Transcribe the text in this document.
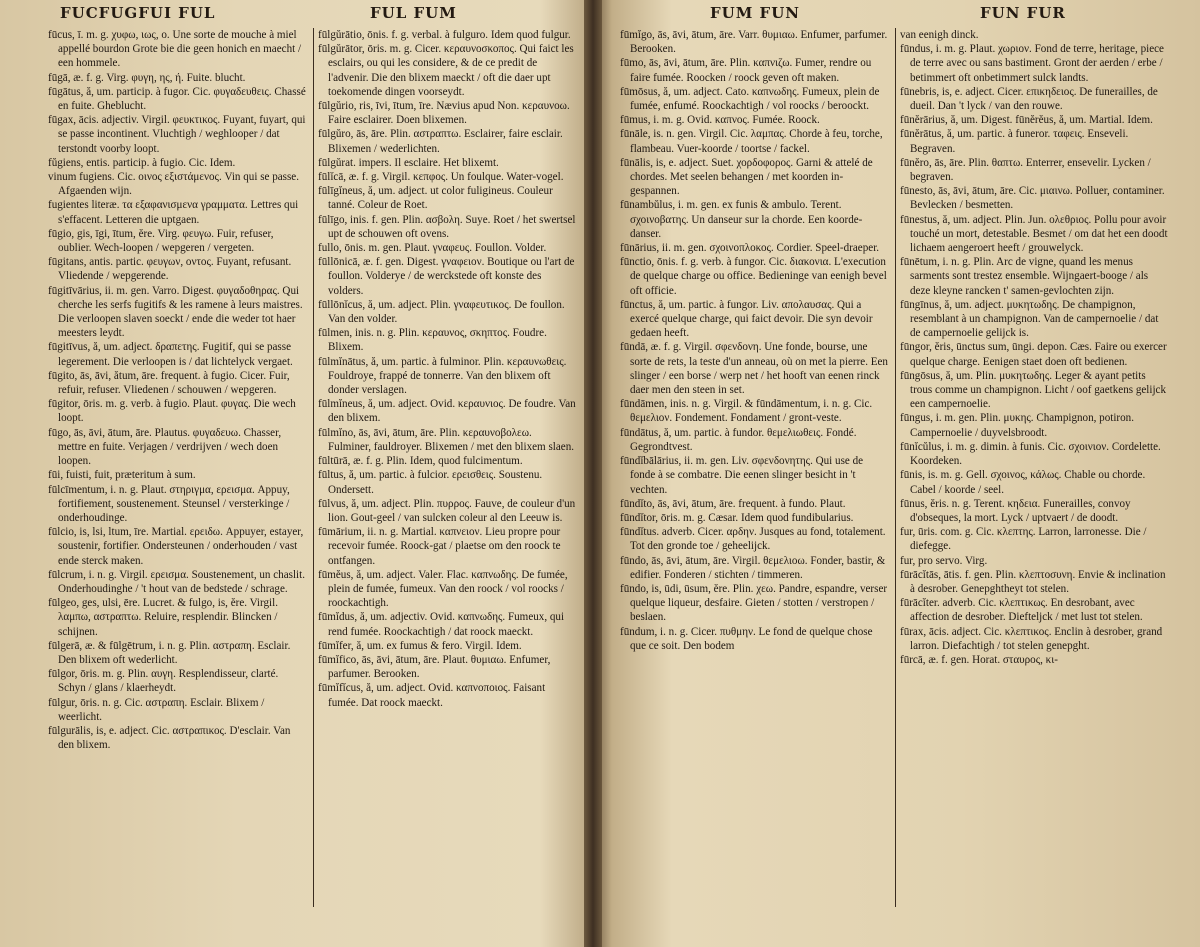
FUCFUGFUI FUL	FUL FUM

fūcus, ī. m. g. χυφω, ιως, ο. Une sorte de mouche à miel appellé bourdon Grote bie die geen honich en maecht / een hommele.

fūgā, æ. f. g. Virg. φυγη, ης, ή. Fuite. blucht.

fūgātus, ă, um. particip. à fugor. Cic. φυγαδευθεις. Chassé en fuite. Gheblucht.

fūgax, ācis. adjectiv. Virgil. φευκτικος. Fuyant, fuyart, qui se passe incontinent. Vluchtigh / weghlooper / dat terstondt voorby loopt.

fŭgiens, entis. particip. à fugio. Cic. Idem.

vinum fugiens. Cic. οινος εξιστάμενος. Vin qui se passe. Afgaenden wijn.

fugientes literæ. τα εξαφανισμενα γραμματα. Lettres qui s'effacent. Letteren die uptgaen.

fūgio, gis, īgi, ītum, ĕre. Virg. φευγω. Fuir, refuser, oublier. Wech-loopen / wepgeren / vergeten.

fūgitans, antis. partic. φευγων, οντος. Fuyant, refusant. Vliedende / wepgerende.

fūgitīvārius, ii. m. gen. Varro. Digest. φυγαδοθηρας. Qui cherche les serfs fugitifs & les ramene à leurs maistres. Die verloopen slaven soeckt / ende die weder tot haer meesters leydt.

fūgitīvus, ă, um. adject. δραπετης. Fugitif, qui se passe legerement. Die verloopen is / dat lichtelyck vergaet.

fūgito, ās, āvi, ătum, āre. frequent. à fugio. Cicer. Fuir, refuir, refuser. Vliedenen / schouwen / wepgeren.

fūgitor, ōris. m. g. verb. à fugio. Plaut. φυγας. Die wech loopt.

fūgo, ās, āvi, ātum, āre. Plautus. φυγαδευω. Chasser, mettre en fuite. Verjagen / verdrijven / wech doen loopen.

fūi, fuisti, fuit, præteritum à sum.

fūlcīmentum, i. n. g. Plaut. στηριγμα, ερεισμα. Appuy, fortifiement, soustenement. Steunsel / versterkinge / onderhoudinge.

fūlcio, is, lsi, ltum, īre. Martial. ερειδω. Appuyer, estayer, soustenir, fortifier. Ondersteunen / onderhouden / vast ende sterck maken.

fūlcrum, i. n. g. Virgil. ερεισμα. Soustenement, un chaslit. Onderhoudinghe / 't hout van de bedstede / schrage.

fūlgeo, ges, ulsi, ēre. Lucret. & fulgo, is, ĕre. Virgil. λαμπω, αστραπτω. Reluire, resplendir. Blincken / schijnen.

fūlgerā, æ. & fūlgētrum, i. n. g. Plin. αστραπη. Esclair. Den blixem oft wederlicht.

fūlgor, ōris. m. g. Plin. αυγη. Resplendisseur, clarté. Schyn / glans / klaerheydt.

fūlgur, ōris. n. g. Cic. αστραπη. Esclair. Blixem / weerlicht.

fūlgurālis, is, e. adject. Cic. αστραπικος. D'esclair. Van den blixem.

fūlgŭrātio, ōnis. f. g. verbal. à fulguro. Idem quod fulgur.

fūlgŭrātor, ōris. m. g. Cicer. κεραυνοσκοπος. Qui faict les esclairs, ou qui les considere, & de ce predit de l'advenir. Die den blixem maeckt / oft die daer upt toekomende dingen voorseydt.

fūlgŭrio, ris, īvi, ītum, īre. Nævius apud Non. κεραυνοω. Faire esclairer. Doen blixemen.

fūlgŭro, ās, āre. Plin. αστραπτω. Esclairer, faire esclair. Blixemen / wederlichten.

fūlgŭrat. impers. Il esclaire. Het blixemt.

fūlĭcā, æ. f. g. Virgil. κεπφος. Un foulque. Water-vogel.

fūlīgĭneus, ă, um. adject. ut color fuligineus. Couleur tanné. Coleur de Roet.

fūlīgo, inis. f. gen. Plin. ασβολη. Suye. Roet / het swertsel upt de schouwen oft ovens.

fullo, ōnis. m. gen. Plaut. γναφευς. Foullon. Volder.

fūllōnicā, æ. f. gen. Digest. γναφειον. Boutique ou l'art de foullon. Volderye / de werckstede oft konste des volders.

fūllōnĭcus, ă, um. adject. Plin. γναφευτικος. De foullon. Van den volder.

fūlmen, inis. n. g. Plin. κεραυνος, σκηπτος. Foudre. Blixem.

fūlmĭnātus, ă, um. partic. à fulminor. Plin. κεραυνωθεις. Fouldroye, frappé de tonnerre. Van den blixem oft donder verslagen.

fūlmĭneus, ă, um. adject. Ovid. κεραυνιος. De foudre. Van den blixem.

fūlmĭno, ās, āvi, ātum, āre. Plin. κεραυνοβολεω. Fulminer, fauldroyer. Blixemen / met den blixem slaen.

fūltūrā, æ. f. g. Plin. Idem, quod fulcimentum.

fūltus, ă, um. partic. à fulcior. ερεισθεις. Soustenu. Ondersett.

fūlvus, ă, um. adject. Plin. πυρρος. Fauve, de couleur d'un lion. Gout-geel / van sulcken coleur al den Leeuw is.

fūmārium, ii. n. g. Martial. καπνειον. Lieu propre pour recevoir fumée. Roock-gat / plaetse om den roock te ontfangen.

fūmĕus, ă, um. adject. Valer. Flac. καπνωδης. De fumée, plein de fumée, fumeux. Van den roock / vol roocks / roockachtigh.

fūmĭdus, ă, um. adjectiv. Ovid. καπνωδης. Fumeux, qui rend fumée. Roockachtigh / dat roock maeckt.

fūmĭfer, ă, um. ex fumus & fero. Virgil. Idem.

fūmĭfico, ās, āvi, ātum, āre. Plaut. θυμιαω. Enfumer, parfumer. Berooken.

fūmĭfĭcus, ă, um. adject. Ovid. καπνοποιος. Faisant fumée. Dat roock maeckt.

FUM FUN	FUN FUR

fūmĭgo, ās, āvi, ātum, āre. Varr. θυμιαω. Enfumer, parfumer. Berooken.

fūmo, ās, āvi, ātum, āre. Plin. καπνιζω. Fumer, rendre ou faire fumée. Roocken / roock geven oft maken.

fūmōsus, ă, um. adject. Cato. καπνωδης. Fumeux, plein de fumée, enfumé. Roockachtigh / vol roocks / beroockt.

fūmus, i. m. g. Ovid. καπνος. Fumée. Roock.

fūnāle, is. n. gen. Virgil. Cic. λαμπας. Chorde à feu, torche, flambeau. Vuer-koorde / toortse / fackel.

fūnālis, is, e. adject. Suet. χορδοφορος. Garni & attelé de chordes. Met seelen behangen / met koorden in-gespannen.

fūnambŭlus, i. m. gen. ex funis & ambulo. Terent. σχοινοβατης. Un danseur sur la chorde. Een koorde-danser.

fūnārius, ii. m. gen. σχοινοπλοκος. Cordier. Speel-draeper.

fūnctio, ōnis. f. g. verb. à fungor. Cic. διακονια. L'execution de quelque charge ou office. Bedieninge van eenigh bevel oft officie.

fūnctus, ă, um. partic. à fungor. Liv. απολαυσας. Qui a exercé quelque charge, qui faict devoir. Die syn devoir gedaen heeft.

fūndā, æ. f. g. Virgil. σφενδονη. Une fonde, bourse, une sorte de rets, la teste d'un anneau, où on met la pierre. Een slinger / een borse / werp net / het hooft van eenen rinck daer men den steen in set.

fūndāmen, inis. n. g. Virgil. & fūndāmentum, i. n. g. Cic. θεμελιον. Fondement. Fondament / gront-veste.

fūndātus, ă, um. partic. à fundor. θεμελιωθεις. Fondé. Gegrondtvest.

fūndĭbālārius, ii. m. gen. Liv. σφενδονητης. Qui use de fonde à se combatre. Die eenen slinger besicht in 't vechten.

fūndĭto, ās, āvi, ātum, āre. frequent. à fundo. Plaut.

fūndĭtor, ōris. m. g. Cæsar. Idem quod fundibularius.

fūndĭtus. adverb. Cicer. αρδην. Jusques au fond, totalement. Tot den gronde toe / geheelijck.

fūndo, ās, āvi, ātum, āre. Virgil. θεμελιοω. Fonder, bastir, & edifier. Fonderen / stichten / timmeren.

fūndo, is, ūdi, ūsum, ĕre. Plin. χεω. Pandre, espandre, verser quelque liqueur, desfaire. Gieten / stotten / verstropen / beslaen.

fūndum, i. n. g. Cicer. πυθμην. Le fond de quelque chose que ce soit. Den bodem

van eenigh dinck.

fūndus, i. m. g. Plaut. χωριον. Fond de terre, heritage, piece de terre avec ou sans bastiment. Gront der aerden / erbe / betimmert oft onbetimmert sulck landts.

fūnebris, is, e. adject. Cicer. επικηδειος. De funerailles, de dueil. Dan 't lyck / van den rouwe.

fūnĕrārius, ă, um. Digest. fūnĕrĕus, ă, um. Martial. Idem.

fūnĕrātus, ă, um. partic. à funeror. ταφεις. Enseveli. Begraven.

fūnĕro, ās, āre. Plin. θαπτω. Enterrer, ensevelir. Lycken / begraven.

fūnesto, ās, āvi, ātum, āre. Cic. μιαινω. Polluer, contaminer. Bevlecken / besmetten.

fūnestus, ă, um. adject. Plin. Jun. ολεθριος. Pollu pour avoir touché un mort, detestable. Besmet / om dat het een doodt lichaem aengeroert heeft / grouwelyck.

fūnētum, i. n. g. Plin. Arc de vigne, quand les menus sarments sont trestez ensemble. Wijngaert-booge / als deze kleyne rancken t' samen-gevlochten zijn.

fūngīnus, ă, um. adject. μυκητωδης. De champignon, resemblant à un champignon. Van de campernoelie / dat de campernoelie gelijck is.

fūngor, ĕris, ūnctus sum, ūngi. depon. Cæs. Faire ou exercer quelque charge. Eenigen staet doen oft bedienen.

fūngōsus, ă, um. Plin. μυκητωδης. Leger & ayant petits trous comme un champignon. Licht / oof gaetkens gelijck een campernoelie.

fūngus, i. m. gen. Plin. μυκης. Champignon, potiron. Campernoelie / duyvelsbroodt.

fūnĭcŭlus, i. m. g. dimin. à funis. Cic. σχοινιον. Cordelette. Koordeken.

fūnis, is. m. g. Gell. σχοινος, κάλως. Chable ou chorde. Cabel / koorde / seel.

fūnus, ĕris. n. g. Terent. κηδεια. Funerailles, convoy d'obseques, la mort. Lyck / uptvaert / de doodt.

fur, ūris. com. g. Cic. κλεπτης. Larron, larronesse. Die / diefegge.

fur, pro servo. Virg.

fūrācĭtās, ātis. f. gen. Plin. κλεπτοσυνη. Envie & inclination à desrober. Genepghtheyt tot stelen.

fūrācĭter. adverb. Cic. κλεπτικως. En desrobant, avec affection de desrober. Diefteljck / met lust tot stelen.

fūrax, ācis. adject. Cic. κλεπτικος. Enclin à desrober, grand larron. Diefachtigh / tot stelen genepght.

fūrcā, æ. f. gen. Horat. σταυρος, κι-
